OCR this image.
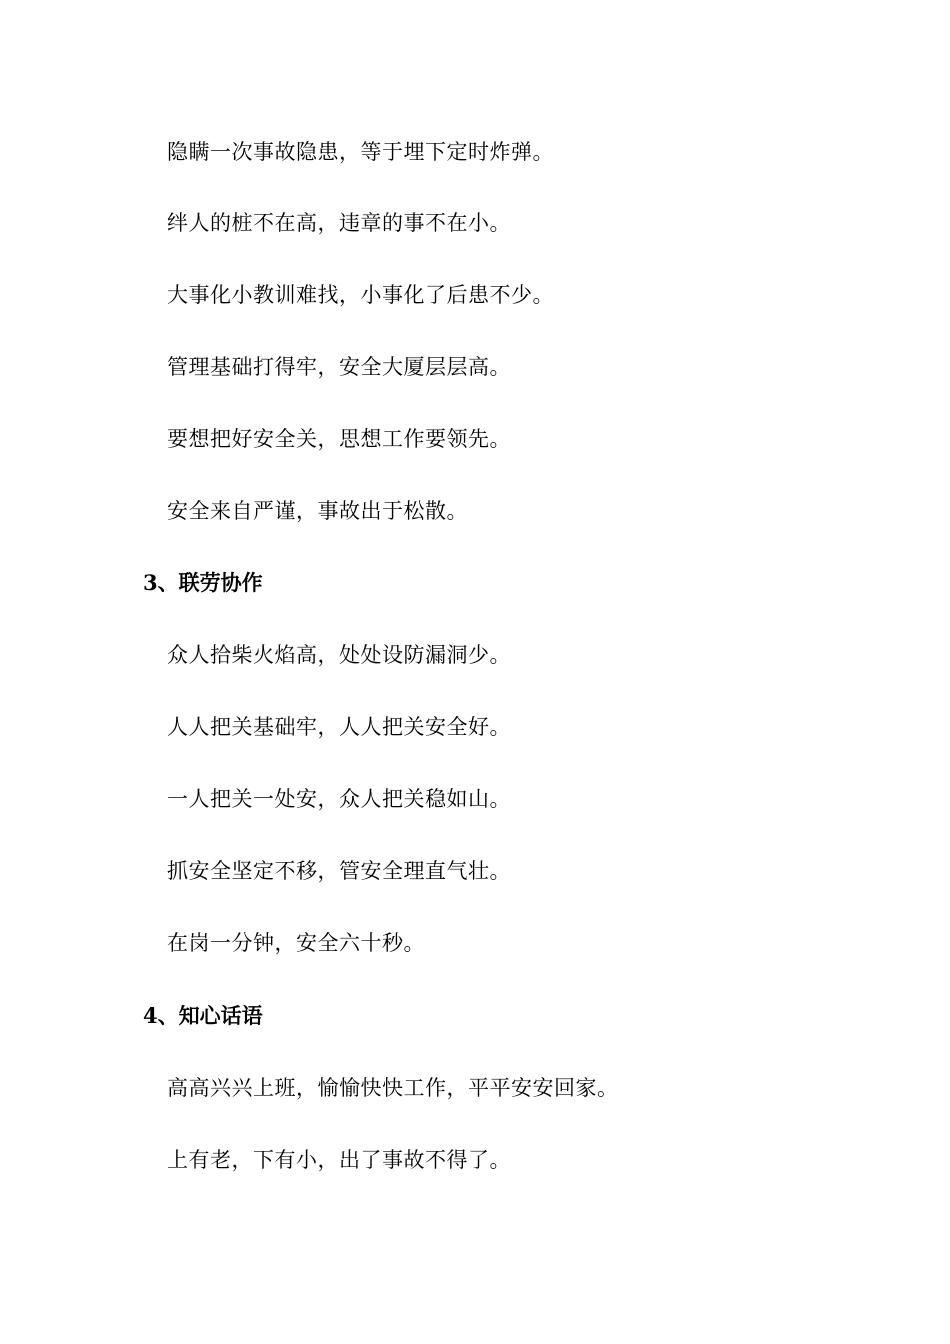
隐瞒一次事故隐患，等于埋下定时炸弹。

绊人的桩不在高，违章的事不在小。

大事化小教训难找，小事化了后患不少。

管理基础打得牢，安全大厦层层高。

要想把好安全关，思想工作要领先。

安全来自严谨，事故出于松散。

3、联劳协作

众人拾柴火焰高，处处设防漏洞少。

人人把关基础牢，人人把关安全好。

一人把关一处安，众人把关稳如山。

抓安全坚定不移，管安全理直气壮。

在岗一分钟，安全六十秒。

4、知心话语

高高兴兴上班，愉愉快快工作，平平安安回家。

上有老，下有小，出了事故不得了。
